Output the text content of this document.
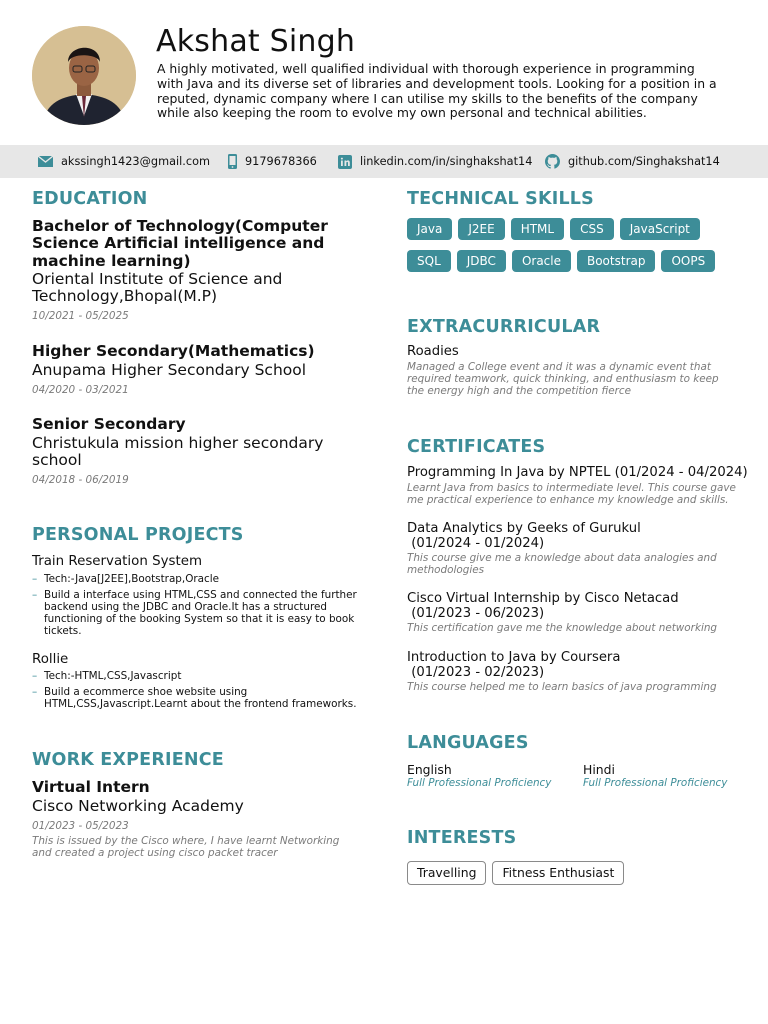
Akshat Singh
A highly motivated, well qualified individual with thorough experience in programming with Java and its diverse set of libraries and development tools. Looking for a position in a reputed, dynamic company where I can utilise my skills to the benefits of the company while also keeping the room to evolve my own personal and technical abilities.
akssingh1423@gmail.com	9179678366	linkedin.com/in/singhakshat14	github.com/Singhakshat14
EDUCATION
Bachelor of Technology(Computer Science Artificial intelligence and machine learning)
Oriental Institute of Science and Technology,Bhopal(M.P)
10/2021 - 05/2025
Higher Secondary(Mathematics)
Anupama Higher Secondary School
04/2020 - 03/2021
Senior Secondary
Christukula mission higher secondary school
04/2018 - 06/2019
PERSONAL PROJECTS
Train Reservation System
– Tech:-Java[J2EE],Bootstrap,Oracle
– Build a interface using HTML,CSS and connected the further backend using the JDBC and Oracle.It has a structured functioning of the booking System so that it is easy to book tickets.
Rollie
– Tech:-HTML,CSS,Javascript
– Build a ecommerce shoe website using HTML,CSS,Javascript.Learnt about the frontend frameworks.
WORK EXPERIENCE
Virtual Intern
Cisco Networking Academy
01/2023 - 05/2023
This is issued by the Cisco where, I have learnt Networking and created a project using cisco packet tracer
TECHNICAL SKILLS
Java	J2EE	HTML	CSS	JavaScript
SQL	JDBC	Oracle	Bootstrap	OOPS
EXTRACURRICULAR
Roadies
Managed a College event and it was a dynamic event that required teamwork, quick thinking, and enthusiasm to keep the energy high and the competition fierce
CERTIFICATES
Programming In Java by NPTEL (01/2024 - 04/2024)
Learnt Java from basics to intermediate level. This course gave me practical experience to enhance my knowledge and skills.
Data Analytics by Geeks of Gurukul
(01/2024 - 01/2024)
This course give me a knowledge about data analogies and methodologies
Cisco Virtual Internship by Cisco Netacad
(01/2023 - 06/2023)
This certification gave me the knowledge about networking
Introduction to Java by Coursera
(01/2023 - 02/2023)
This course helped me to learn basics of java programming
LANGUAGES
English
Full Professional Proficiency
Hindi
Full Professional Proficiency
INTERESTS
Travelling	Fitness Enthusiast
